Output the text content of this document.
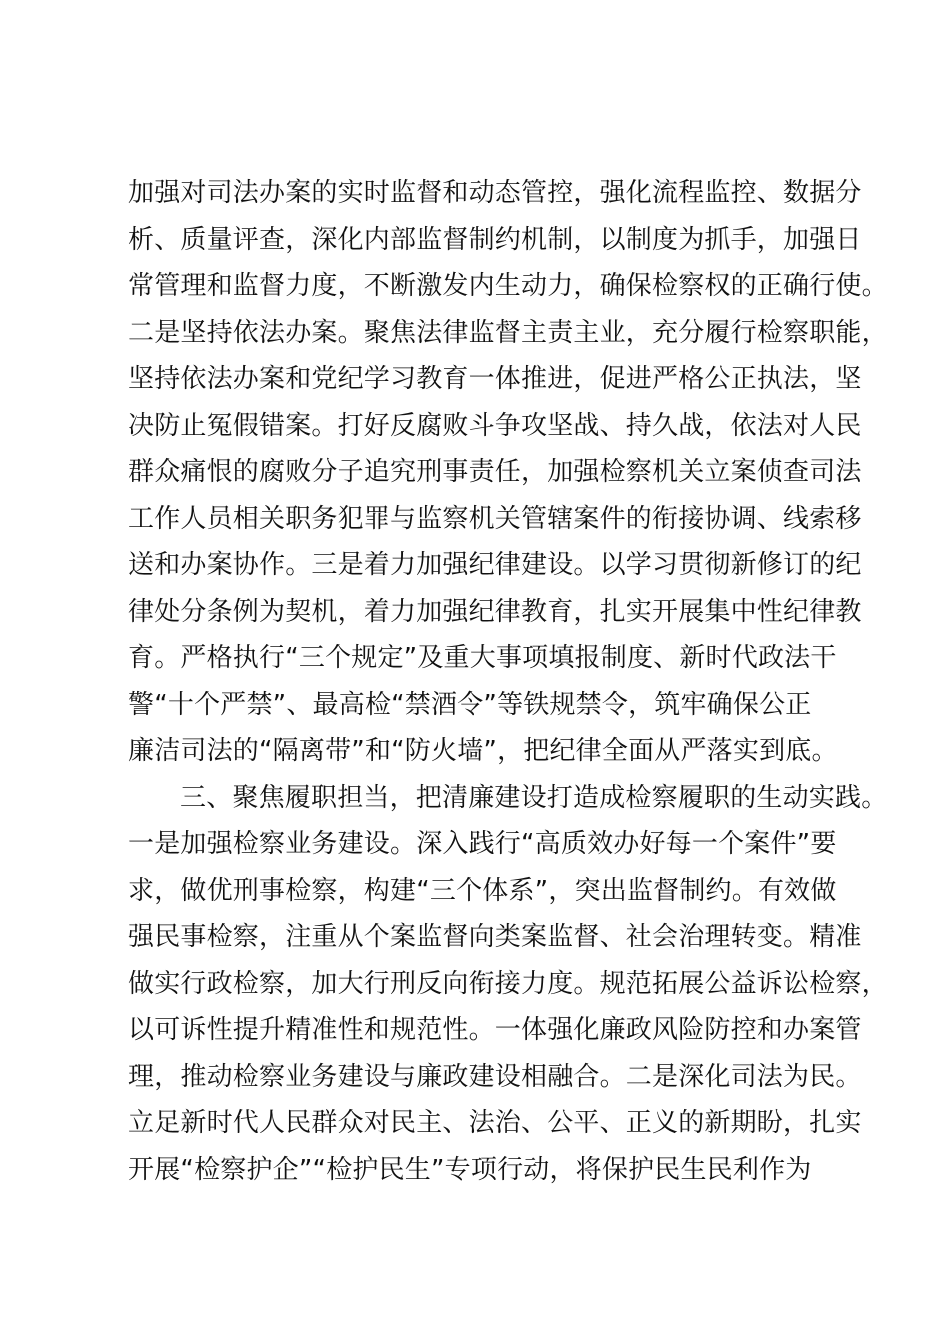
加强对司法办案的实时监督和动态管控，强化流程监控、数据分
析、质量评查，深化内部监督制约机制，以制度为抓手，加强日
常管理和监督力度，不断激发内生动力，确保检察权的正确行使。
二是坚持依法办案。聚焦法律监督主责主业，充分履行检察职能，
坚持依法办案和党纪学习教育一体推进，促进严格公正执法，坚
决防止冤假错案。打好反腐败斗争攻坚战、持久战，依法对人民
群众痛恨的腐败分子追究刑事责任，加强检察机关立案侦查司法
工作人员相关职务犯罪与监察机关管辖案件的衔接协调、线索移
送和办案协作。三是着力加强纪律建设。以学习贯彻新修订的纪
律处分条例为契机，着力加强纪律教育，扎实开展集中性纪律教
育。严格执行“三个规定”及重大事项填报制度、新时代政法干
警“十个严禁”、最高检“禁酒令”等铁规禁令，筑牢确保公正
廉洁司法的“隔离带”和“防火墙”，把纪律全面从严落实到底。
三、聚焦履职担当，把清廉建设打造成检察履职的生动实践。
一是加强检察业务建设。深入践行“高质效办好每一个案件”要
求，做优刑事检察，构建“三个体系”，突出监督制约。有效做
强民事检察，注重从个案监督向类案监督、社会治理转变。精准
做实行政检察，加大行刑反向衔接力度。规范拓展公益诉讼检察，
以可诉性提升精准性和规范性。一体强化廉政风险防控和办案管
理，推动检察业务建设与廉政建设相融合。二是深化司法为民。
立足新时代人民群众对民主、法治、公平、正义的新期盼，扎实
开展“检察护企”“检护民生”专项行动，将保护民生民利作为
